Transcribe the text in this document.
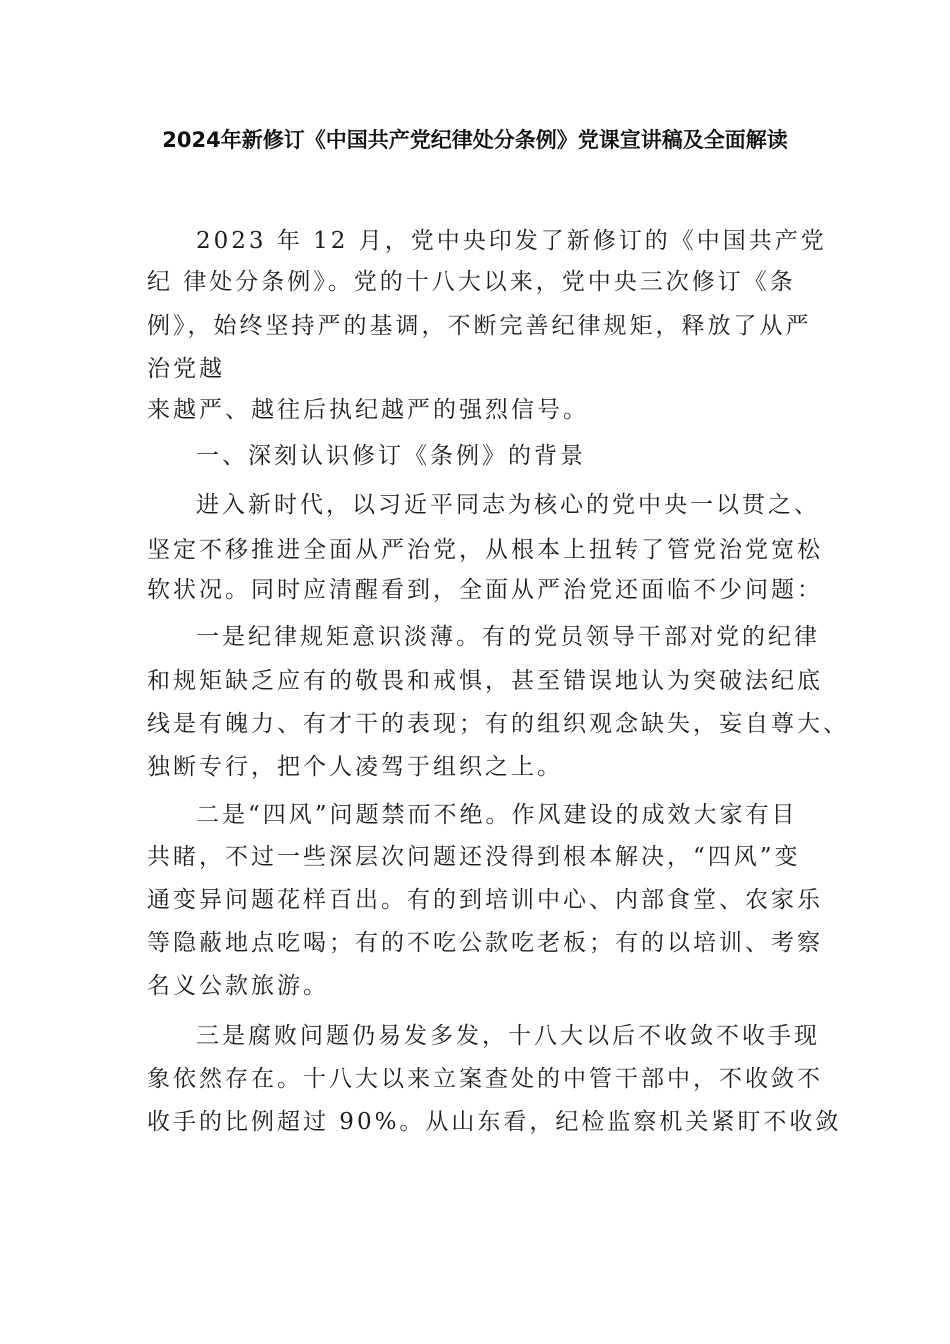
2024年新修订《中国共产党纪律处分条例》党课宣讲稿及全面解读
2023 年 12 月，党中央印发了新修订的《中国共产党
纪 律处分条例》。党的十八大以来，党中央三次修订《条
例》，始终坚持严的基调，不断完善纪律规矩，释放了从严
治党越
来越严、越往后执纪越严的强烈信号。
一、深刻认识修订《条例》的背景
进入新时代，以习近平同志为核心的党中央一以贯之、
坚定不移推进全面从严治党，从根本上扭转了管党治党宽松
软状况。同时应清醒看到，全面从严治党还面临不少问题：
一是纪律规矩意识淡薄。有的党员领导干部对党的纪律
和规矩缺乏应有的敬畏和戒惧，甚至错误地认为突破法纪底
线是有魄力、有才干的表现；有的组织观念缺失，妄自尊大、
独断专行，把个人凌驾于组织之上。
二是“四风”问题禁而不绝。作风建设的成效大家有目
共睹，不过一些深层次问题还没得到根本解决，“四风”变
通变异问题花样百出。有的到培训中心、内部食堂、农家乐
等隐蔽地点吃喝；有的不吃公款吃老板；有的以培训、考察
名义公款旅游。
三是腐败问题仍易发多发，十八大以后不收敛不收手现
象依然存在。十八大以来立案查处的中管干部中，不收敛不
收手的比例超过 90%。从山东看，纪检监察机关紧盯不收敛
